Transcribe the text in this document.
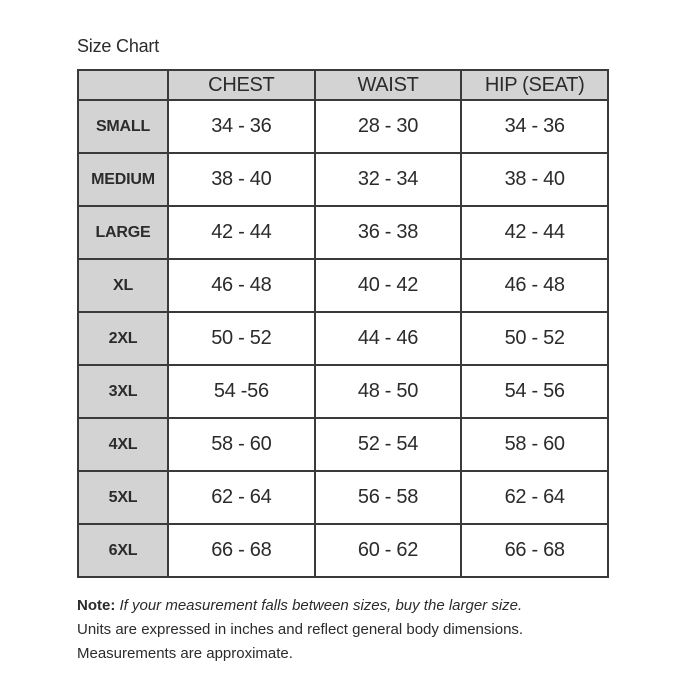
Size Chart
	CHEST	WAIST	HIP (SEAT)
SMALL	34 - 36	28 - 30	34 - 36
MEDIUM	38 - 40	32 - 34	38 - 40
LARGE	42 - 44	36 - 38	42 - 44
XL	46 - 48	40 - 42	46 - 48
2XL	50 - 52	44 - 46	50 - 52
3XL	54 -56	48 - 50	54 - 56
4XL	58 - 60	52 - 54	58 - 60
5XL	62 - 64	56 - 58	62 - 64
6XL	66 - 68	60 - 62	66 - 68
Note: If your measurement falls between sizes, buy the larger size.
Units are expressed in inches and reflect general body dimensions.
Measurements are approximate.
